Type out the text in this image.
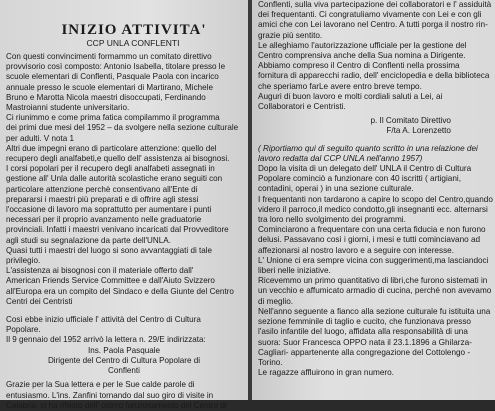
INIZIO ATTIVITA'
CCP UNLA CONFLENTI

Con questi convincimenti formammo un comitato direttivo

provvisorio così composto: Antonio Isabella, titolare presso le

scuole elementari di Conflenti, Pasquale Paola con incarico

annuale presso le scuole elementari di Martirano, Michele

Bruno e Marotta Nicola maestri disoccupati, Ferdinando

Mastroianni studente universitario.

Ci riunimmo e come prima fatica compilammo il programma

dei primi due mesi del 1952 – da svolgere nella sezione culturale

per adulti. V nota 1

Altri due impegni erano di particolare attenzione: quello del

recupero degli analfabeti,e quello dell' assistenza ai bisognosi.

I corsi popolari per il recupero degli analfabeti assegnati in

gestione all' Unla dalle autorità scolastiche erano seguiti con

particolare attenzione perchè consentivano all'Ente di

prepararsi i maestri più preparati e di offrire agli stessi

l'occasione di lavoro ma soprattutto per aumentare i punti

necessari per il proprio avanzamento nelle graduatorie

provinciali. Infatti i maestri venivano incaricati dal Provveditore

agli studi su segnalazione da parte dell'UNLA.

Quasi tutti i maestri del luogo si sono avvantaggiati di tale

privilegio.

L'assistenza ai bisognosi con il materiale offerto dall'

American Friends Service Committee e dall'Aiuto Svizzero

all'Europa era un compito del Sindaco e della Giunte del Centro

Centri dei Centristi

Così ebbe inizio ufficiale l' attività del Centro di Cultura

Popolare.

Il 9 gennaio del 1952 arrivò la lettera n. 29/E indirizzata:

Ins. Paola Pasquale

Dirigente del Centro di Cultura Popolare di

Conflenti

Grazie per la Sua lettera e per le Sue calde parole di

entusiasmo. L'ins. Zanfini tornando dal suo giro di visite in

Calabria, ci ha riferito dell' ottimo funzionamento del Centro di

Conflenti, sulla viva partecipazione dei collaboratori e l' assiduità

dei frequentanti. Ci congratuliamo vivamente con Lei e con gli

amici che con Lei lavorano nel Centro. A tutti porga il nostro rin-

grazie più sentito.

Le alleghiamo l'autorizzazione ufficiale per la gestione del

Centro comprensiva anche della Sua nomina a Dirigente.

Abbiamo compreso il Centro di Conflenti nella prossima

fornitura di apparecchi radio, dell' enciclopedia e della biblioteca

che speriamo farLe avere entro breve tempo.

Auguri di buon lavoro e molti cordiali saluti a Lei, ai

Collaboratori e Centristi.

p. Il Comitato Direttivo

F/ta A. Lorenzetto

( Riportiamo qui di seguito quanto scritto in una relazione dei

lavoro redatta dal CCP UNLA nell'anno 1957)

Dopo la visita di un delegato dell' UNLA il Centro di Cultura

Popolare cominciò a funzionare con 40 iscritti ( artigiani,

contadini, operai ) in una sezione culturale.

I frequentanti non tardarono a capire lo scopo del Centro,quando

videro il parroco,il medico condotto,gli insegnanti ecc. alternarsi

tra loro nello svolgimento dei programmi.

Cominciarono a frequentare con una certa fiducia e non furono

delusi. Passavano così i giorni, i mesi e tutti cominciavano ad

affezionarsi al nostro lavoro e a seguire con interesse.

L' Unione ci era sempre vicina con suggerimenti,ma lasciandoci

liberi nelle iniziative.

Ricevemmo un primo quantitativo di libri,che furono sistemati in

un vecchio e affumicato armadio di cucina, perché non avevamo

di meglio.

Nell'anno seguente a fianco alla sezione culturale fu istituita una

sezione femminile di taglio e cucito, che funzionava presso

l'asilo infantile del luogo, affidata alla responsabilità di una

suora: Suor Francesca OPPO nata il 23.1.1896 a Ghilarza-

Cagliari- appartenente alla congregazione del Cottolengo -

Torino.

Le ragazze affluirono in gran numero.
